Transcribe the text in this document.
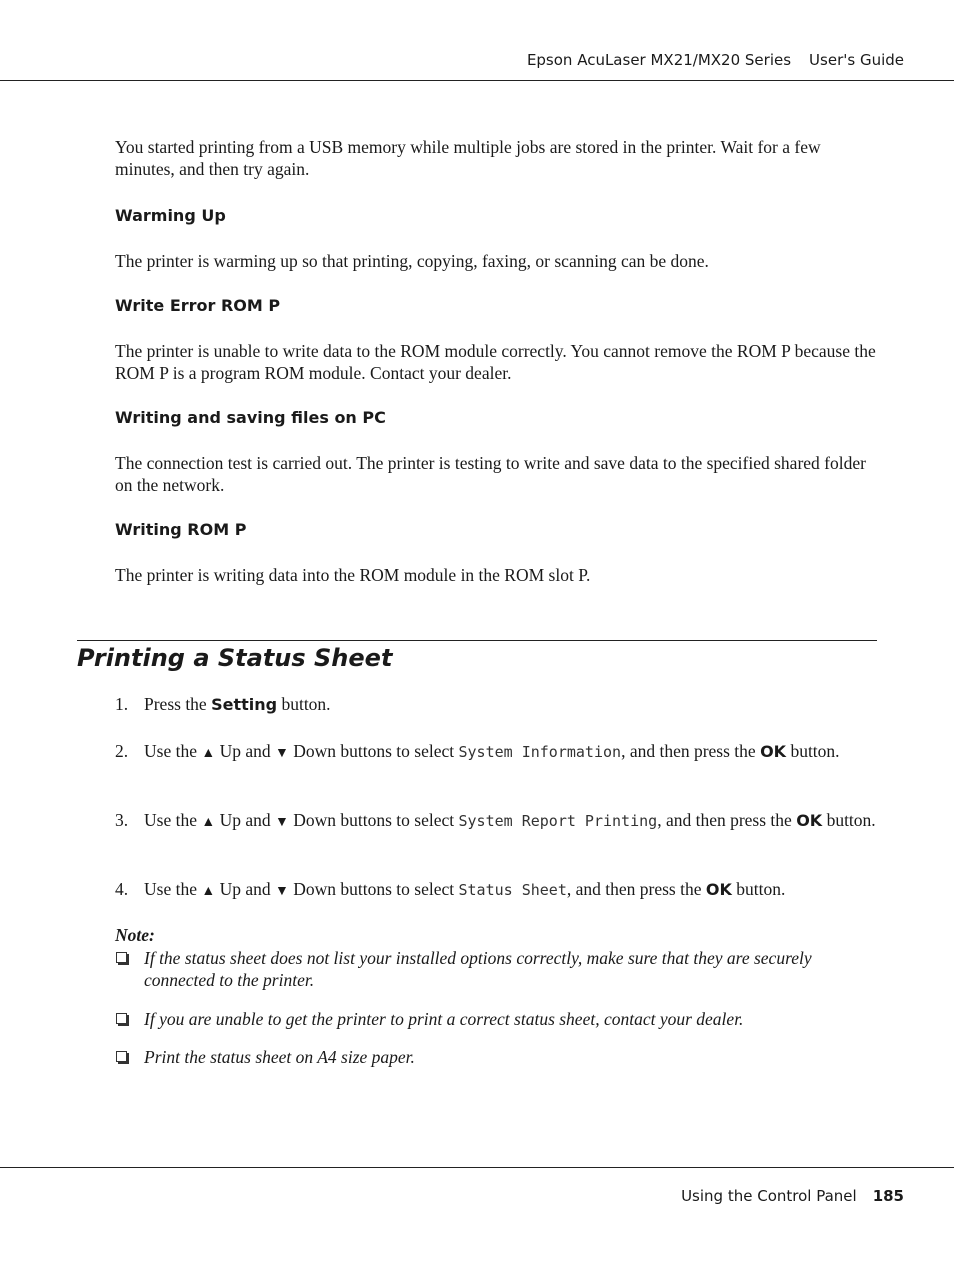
Epson AcuLaser MX21/MX20 Series User's Guide

You started printing from a USB memory while multiple jobs are stored in the printer. Wait for a few minutes, and then try again.

Warming Up

The printer is warming up so that printing, copying, faxing, or scanning can be done.

Write Error ROM P

The printer is unable to write data to the ROM module correctly. You cannot remove the ROM P because the ROM P is a program ROM module. Contact your dealer.

Writing and saving files on PC

The connection test is carried out. The printer is testing to write and save data to the specified shared folder on the network.

Writing ROM P

The printer is writing data into the ROM module in the ROM slot P.

Printing a Status Sheet
1. Press the Setting button.
2. Use the ▲ Up and ▼ Down buttons to select System Information, and then press the OK button.
3. Use the ▲ Up and ▼ Down buttons to select System Report Printing, and then press the OK button.
4. Use the ▲ Up and ▼ Down buttons to select Status Sheet, and then press the OK button.
Note:
If the status sheet does not list your installed options correctly, make sure that they are securely connected to the printer.
If you are unable to get the printer to print a correct status sheet, contact your dealer.
Print the status sheet on A4 size paper.
Using the Control Panel 185
